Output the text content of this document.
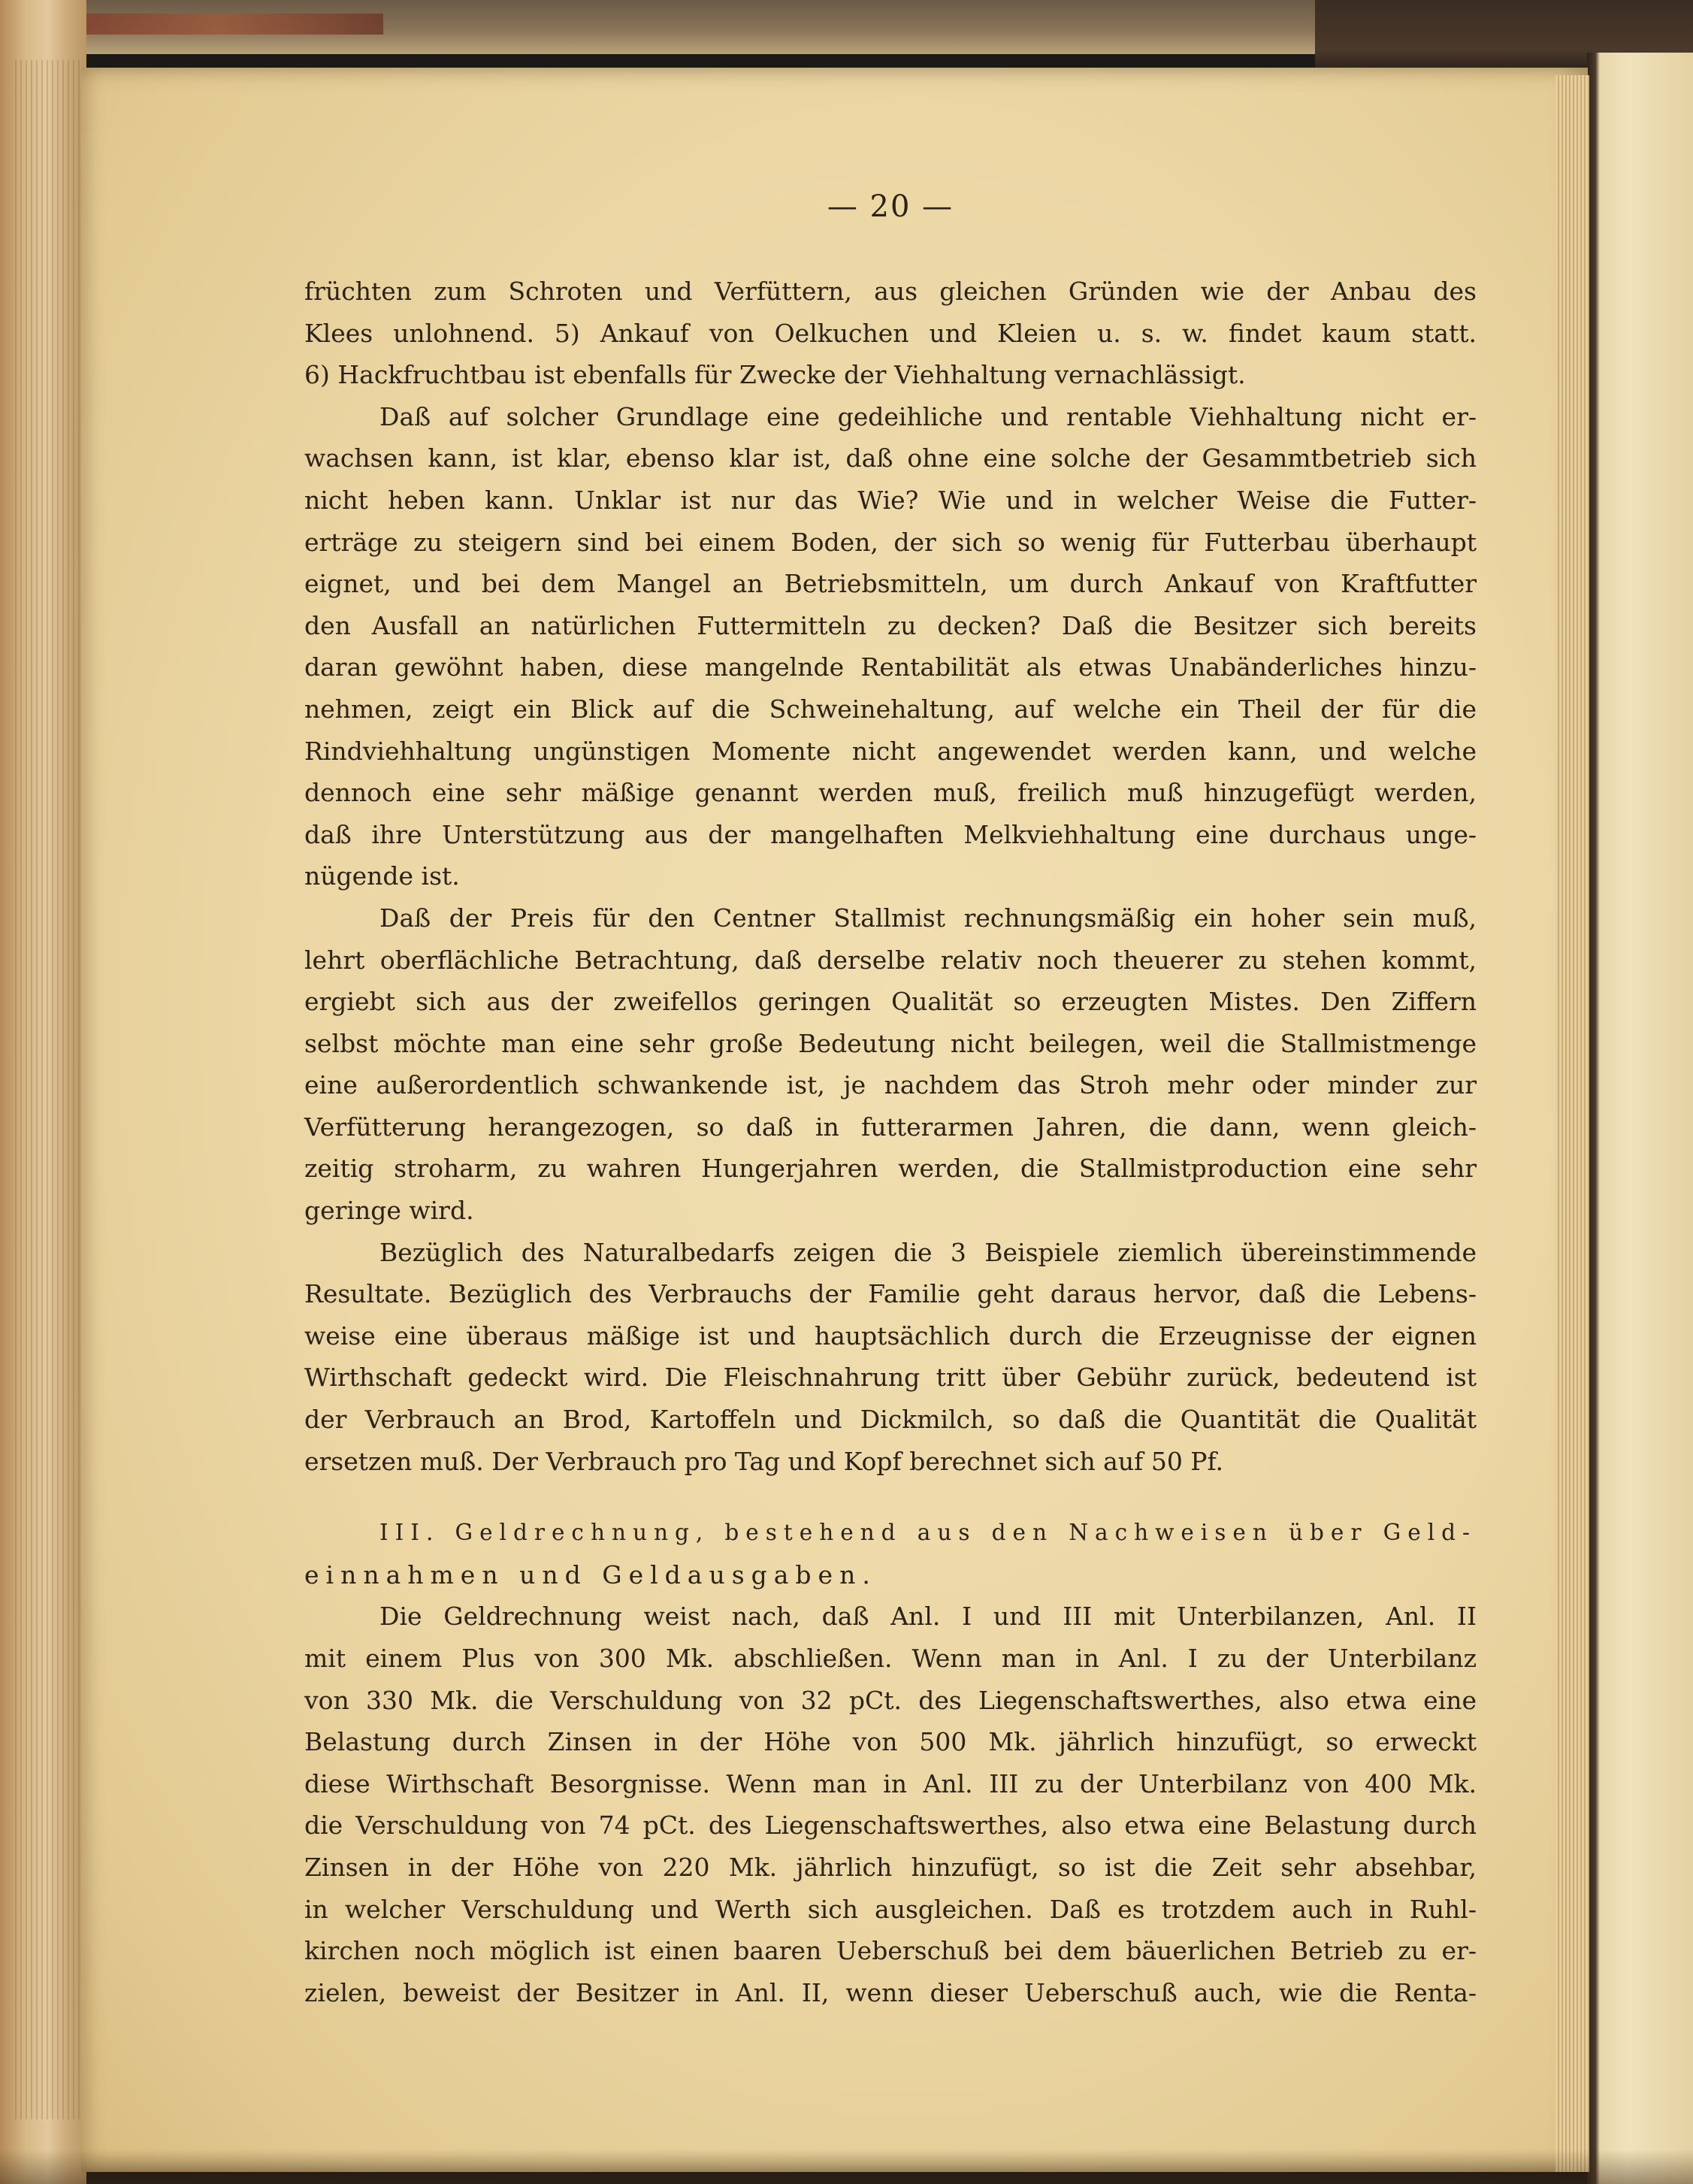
— 20 —
früchten zum Schroten und Verfüttern, aus gleichen Gründen wie der Anbau des
Klees unlohnend. 5) Ankauf von Oelkuchen und Kleien u. s. w. findet kaum statt.
6) Hackfruchtbau ist ebenfalls für Zwecke der Viehhaltung vernachlässigt.
Daß auf solcher Grundlage eine gedeihliche und rentable Viehhaltung nicht er-
wachsen kann, ist klar, ebenso klar ist, daß ohne eine solche der Gesammtbetrieb sich
nicht heben kann. Unklar ist nur das Wie? Wie und in welcher Weise die Futter-
erträge zu steigern sind bei einem Boden, der sich so wenig für Futterbau überhaupt
eignet, und bei dem Mangel an Betriebsmitteln, um durch Ankauf von Kraftfutter
den Ausfall an natürlichen Futtermitteln zu decken? Daß die Besitzer sich bereits
daran gewöhnt haben, diese mangelnde Rentabilität als etwas Unabänderliches hinzu-
nehmen, zeigt ein Blick auf die Schweinehaltung, auf welche ein Theil der für die
Rindviehhaltung ungünstigen Momente nicht angewendet werden kann, und welche
dennoch eine sehr mäßige genannt werden muß, freilich muß hinzugefügt werden,
daß ihre Unterstützung aus der mangelhaften Melkviehhaltung eine durchaus unge-
nügende ist.
Daß der Preis für den Centner Stallmist rechnungsmäßig ein hoher sein muß,
lehrt oberflächliche Betrachtung, daß derselbe relativ noch theuerer zu stehen kommt,
ergiebt sich aus der zweifellos geringen Qualität so erzeugten Mistes. Den Ziffern
selbst möchte man eine sehr große Bedeutung nicht beilegen, weil die Stallmistmenge
eine außerordentlich schwankende ist, je nachdem das Stroh mehr oder minder zur
Verfütterung herangezogen, so daß in futterarmen Jahren, die dann, wenn gleich-
zeitig stroharm, zu wahren Hungerjahren werden, die Stallmistproduction eine sehr
geringe wird.
Bezüglich des Naturalbedarfs zeigen die 3 Beispiele ziemlich übereinstimmende
Resultate. Bezüglich des Verbrauchs der Familie geht daraus hervor, daß die Lebens-
weise eine überaus mäßige ist und hauptsächlich durch die Erzeugnisse der eignen
Wirthschaft gedeckt wird. Die Fleischnahrung tritt über Gebühr zurück, bedeutend ist
der Verbrauch an Brod, Kartoffeln und Dickmilch, so daß die Quantität die Qualität
ersetzen muß. Der Verbrauch pro Tag und Kopf berechnet sich auf 50 Pf.
III. Geldrechnung, bestehend aus den Nachweisen über Geld-
einnahmen und Geldausgaben.
Die Geldrechnung weist nach, daß Anl. I und III mit Unterbilanzen, Anl. II
mit einem Plus von 300 Mk. abschließen. Wenn man in Anl. I zu der Unterbilanz
von 330 Mk. die Verschuldung von 32 pCt. des Liegenschaftswerthes, also etwa eine
Belastung durch Zinsen in der Höhe von 500 Mk. jährlich hinzufügt, so erweckt
diese Wirthschaft Besorgnisse. Wenn man in Anl. III zu der Unterbilanz von 400 Mk.
die Verschuldung von 74 pCt. des Liegenschaftswerthes, also etwa eine Belastung durch
Zinsen in der Höhe von 220 Mk. jährlich hinzufügt, so ist die Zeit sehr absehbar,
in welcher Verschuldung und Werth sich ausgleichen. Daß es trotzdem auch in Ruhl-
kirchen noch möglich ist einen baaren Ueberschuß bei dem bäuerlichen Betrieb zu er-
zielen, beweist der Besitzer in Anl. II, wenn dieser Ueberschuß auch, wie die Renta-
